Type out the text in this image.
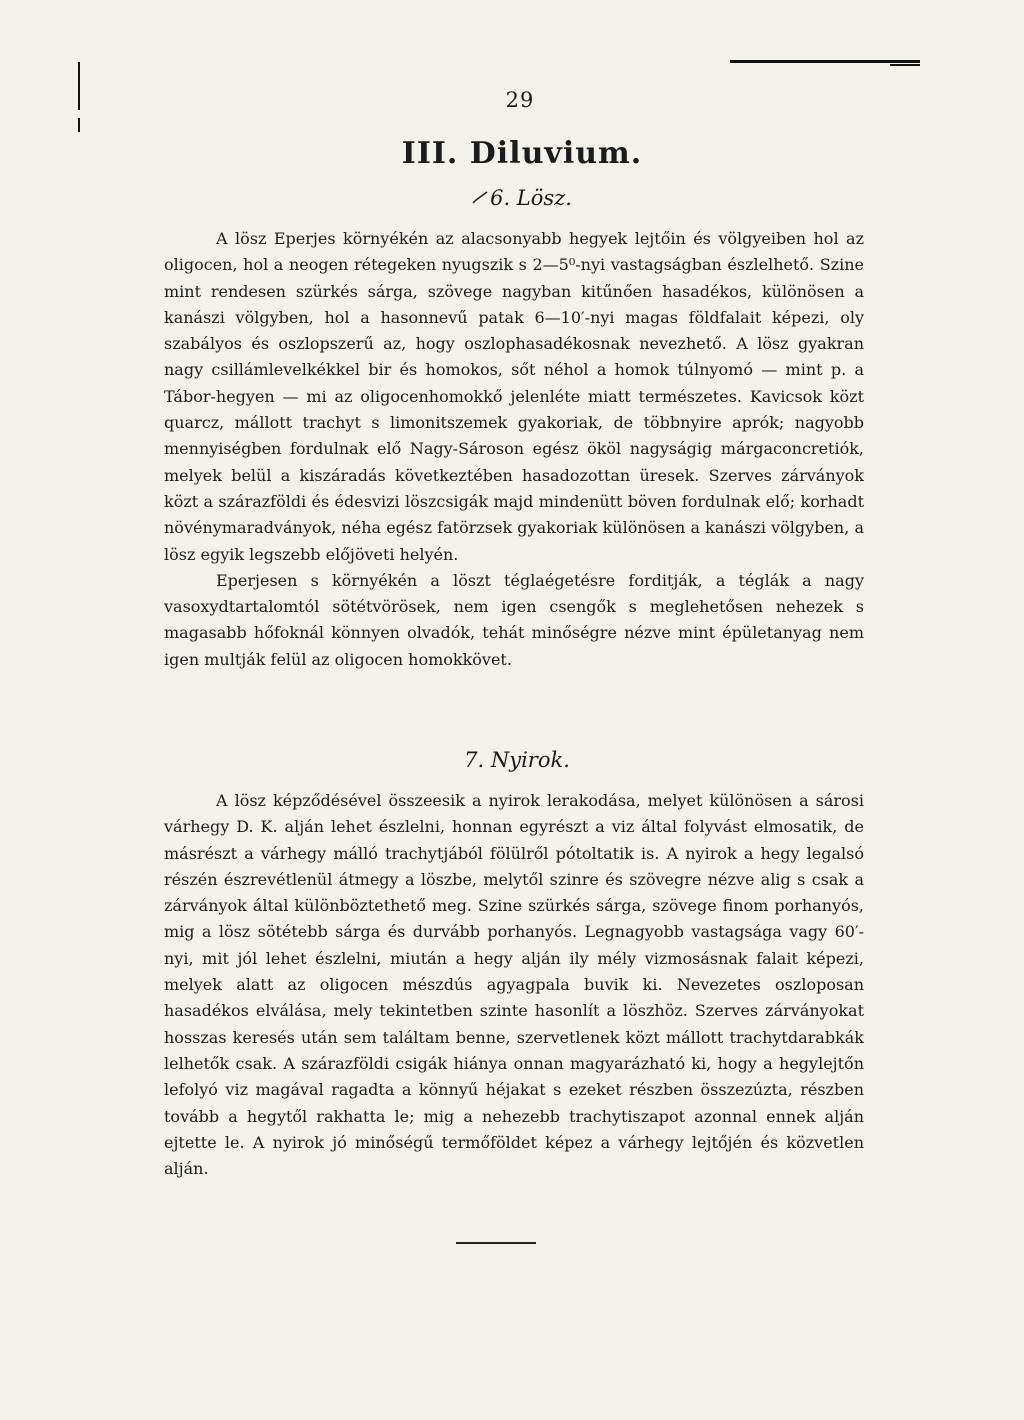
29
III. Diluvium.
6. Lösz.

A lösz Eperjes környékén az alacsonyabb hegyek lejtőin és völgyeiben hol az oligocen, hol a neogen rétegeken nyugszik s 2—5⁰-nyi vastagságban észlelhető. Szine mint rendesen szürkés sárga, szövege nagyban kitűnően hasadékos, különösen a kanászi völgyben, hol a hasonnevű patak 6—10′-nyi magas földfalait képezi, oly szabályos és oszlopszerű az, hogy oszlophasadékosnak nevezhető. A lösz gyakran nagy csillámlevelkékkel bir és homokos, sőt néhol a homok túlnyomó — mint p. a Tábor-hegyen — mi az oligocenhomokkő jelenléte miatt természetes. Kavicsok közt quarcz, mállott trachyt s limonitszemek gyakoriak, de többnyire aprók; nagyobb mennyiségben fordulnak elő Nagy-Sároson egész ököl nagyságig márgaconcretiók, melyek belül a kiszáradás következtében hasadozottan üresek. Szerves zárványok közt a szárazföldi és édesvizi löszcsigák majd mindenütt böven fordulnak elő; korhadt növénymaradványok, néha egész fatörzsek gyakoriak különösen a kanászi völgyben, a lösz egyik legszebb előjöveti helyén.

Eperjesen s környékén a löszt téglaégetésre forditják, a téglák a nagy vasoxydtartalomtól sötétvörösek, nem igen csengők s meglehetősen nehezek s magasabb hőfoknál könnyen olvadók, tehát minőségre nézve mint épületanyag nem igen multják felül az oligocen homokkövet.

7. Nyirok.

A lösz képződésével összeesik a nyirok lerakodása, melyet különösen a sárosi várhegy D. K. alján lehet észlelni, honnan egyrészt a viz által folyvást elmosatik, de másrészt a várhegy málló trachytjából fölülről pótoltatik is. A nyirok a hegy legalsó részén észrevétlenül átmegy a löszbe, melytől szinre és szövegre nézve alig s csak a zárványok által különböztethető meg. Szine szürkés sárga, szövege finom porhanyós, mig a lösz sötétebb sárga és durvább porhanyós. Legnagyobb vastagsága vagy 60′-nyi, mit jól lehet észlelni, miután a hegy alján ily mély vizmosásnak falait képezi, melyek alatt az oligocen mészdús agyagpala buvik ki. Nevezetes oszloposan hasadékos elválása, mely tekintetben szinte hasonlít a löszhöz. Szerves zárványokat hosszas keresés után sem találtam benne, szervetlenek közt mállott trachytdarabkák lelhetők csak. A szárazföldi csigák hiánya onnan magyarázható ki, hogy a hegylejtőn lefolyó viz magával ragadta a könnyű héjakat s ezeket részben összezúzta, részben tovább a hegytől rakhatta le; mig a nehezebb trachytiszapot azonnal ennek alján ejtette le. A nyirok jó minőségű termőföldet képez a várhegy lejtőjén és közvetlen alján.
